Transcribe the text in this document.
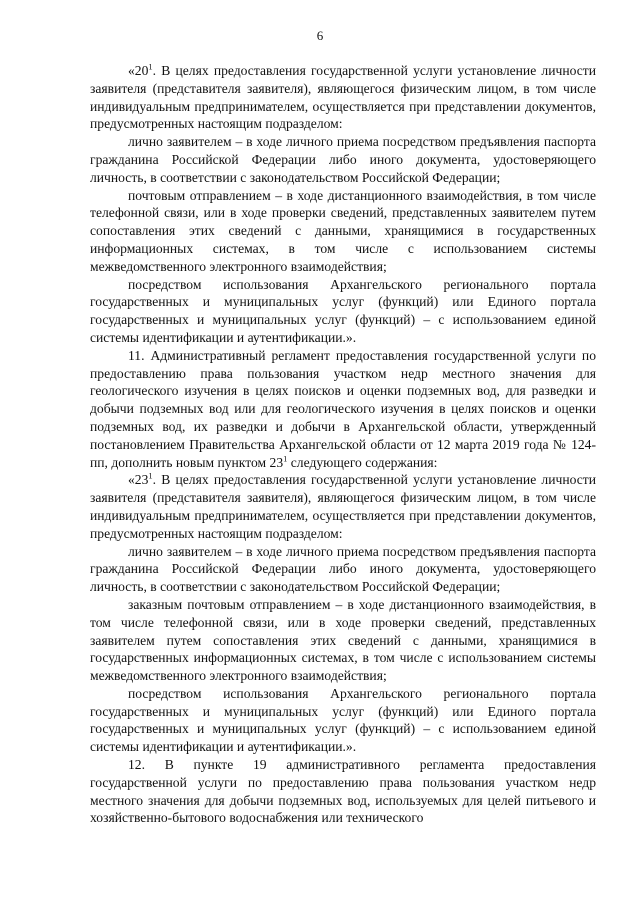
6

«$20^1$. В целях предоставления государственной услуги установление личности заявителя (представителя заявителя), являющегося физическим лицом, в том числе индивидуальным предпринимателем, осуществляется при представлении документов, предусмотренных настоящим подразделом:

лично заявителем – в ходе личного приема посредством предъявления паспорта гражданина Российской Федерации либо иного документа, удостоверяющего личность, в соответствии с законодательством Российской Федерации;

почтовым отправлением – в ходе дистанционного взаимодействия, в том числе телефонной связи, или в ходе проверки сведений, представленных заявителем путем сопоставления этих сведений с данными, хранящимися в государственных информационных системах, в том числе с использованием системы межведомственного электронного взаимодействия;

посредством использования Архангельского регионального портала государственных и муниципальных услуг (функций) или Единого портала государственных и муниципальных услуг (функций) – с использованием единой системы идентификации и аутентификации.».

11. Административный регламент предоставления государственной услуги по предоставлению права пользования участком недр местного значения для геологического изучения в целях поисков и оценки подземных вод, для разведки и добычи подземных вод или для геологического изучения в целях поисков и оценки подземных вод, их разведки и добычи в Архангельской области, утвержденный постановлением Правительства Архангельской области от 12 марта 2019 года № 124-пп, дополнить новым пунктом $23^1$ следующего содержания:

«$23^1$. В целях предоставления государственной услуги установление личности заявителя (представителя заявителя), являющегося физическим лицом, в том числе индивидуальным предпринимателем, осуществляется при представлении документов, предусмотренных настоящим подразделом:

лично заявителем – в ходе личного приема посредством предъявления паспорта гражданина Российской Федерации либо иного документа, удостоверяющего личность, в соответствии с законодательством Российской Федерации;

заказным почтовым отправлением – в ходе дистанционного взаимодействия, в том числе телефонной связи, или в ходе проверки сведений, представленных заявителем путем сопоставления этих сведений с данными, хранящимися в государственных информационных системах, в том числе с использованием системы межведомственного электронного взаимодействия;

посредством использования Архангельского регионального портала государственных и муниципальных услуг (функций) или Единого портала государственных и муниципальных услуг (функций) – с использованием единой системы идентификации и аутентификации.».

12. В пункте 19 административного регламента предоставления государственной услуги по предоставлению права пользования участком недр местного значения для добычи подземных вод, используемых для целей питьевого и хозяйственно-бытового водоснабжения или технического
